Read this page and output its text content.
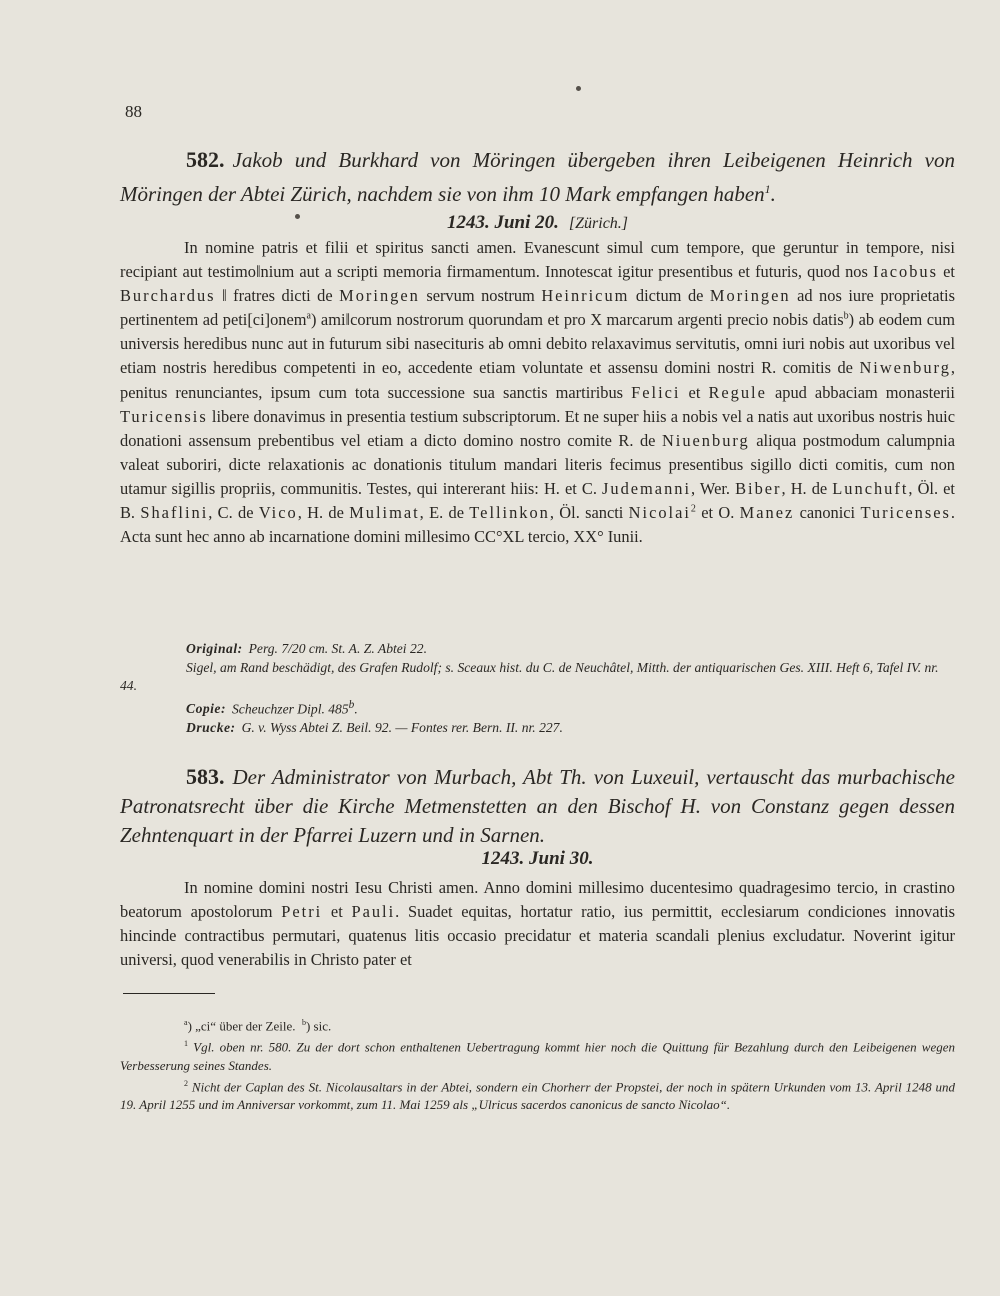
88
582. Jakob und Burkhard von Möringen übergeben ihren Leibeigenen Heinrich von Möringen der Abtei Zürich, nachdem sie von ihm 10 Mark empfangen haben$^1$.
1243. Juni 20. [Zürich.]

In nomine patris et filii et spiritus sancti amen. Evanescunt simul cum tempore, que geruntur in tempore, nisi recipiant aut testimo‖nium aut a scripti memoria firmamentum. Innotescat igitur presentibus et futuris, quod nos Iacobus et Burchardus ‖ fratres dicti de Moringen servum nostrum Heinricum dictum de Moringen ad nos iure proprietatis pertinentem ad peti[ci]onem$^a$) ami‖corum nostrorum quorundam et pro X marcarum argenti precio nobis datis$^b$) ab eodem cum universis heredibus nunc aut in futurum sibi nasecituris ab omni debito relaxavimus servitutis, omni iuri nobis aut uxoribus vel etiam nostris heredibus competenti in eo, accedente etiam voluntate et assensu domini nostri R. comitis de Niwenburg, penitus renunciantes, ipsum cum tota successione sua sanctis martiribus Felici et Regule apud abbaciam monasterii Turicensis libere donavimus in presentia testium subscriptorum. Et ne super hiis a nobis vel a natis aut uxoribus nostris huic donationi assensum prebentibus vel etiam a dicto domino nostro comite R. de Niuenburg aliqua postmodum calumpnia valeat suboriri, dicte relaxationis ac donationis titulum mandari literis fecimus presentibus sigillo dicti comitis, cum non utamur sigillis propriis, communitis. Testes, qui intererant hiis: H. et C. Judemanni, Wer. Biber, H. de Lunchuft, Öl. et B. Shaflini, C. de Vico, H. de Mulimat, E. de Tellinkon, Öl. sancti Nicolai$^2$ et O. Manez canonici Turicenses. Acta sunt hec anno ab incarnatione domini millesimo CC°XL tercio, XX° Iunii.

Original: Perg. 7/20 cm. St. A. Z. Abtei 22.

Sigel, am Rand beschädigt, des Grafen Rudolf; s. Sceaux hist. du C. de Neuchâtel, Mitth. der antiquarischen Ges. XIII. Heft 6, Tafel IV. nr. 44.

Copie: Scheuchzer Dipl. 485$^b$.

Drucke: G. v. Wyss Abtei Z. Beil. 92. — Fontes rer. Bern. II. nr. 227.

583. Der Administrator von Murbach, Abt Th. von Luxeuil, vertauscht das murbachische Patronatsrecht über die Kirche Metmenstetten an den Bischof H. von Constanz gegen dessen Zehntenquart in der Pfarrei Luzern und in Sarnen.
1243. Juni 30.

In nomine domini nostri Iesu Christi amen. Anno domini millesimo ducentesimo quadragesimo tercio, in crastino beatorum apostolorum Petri et Pauli. Suadet equitas, hortatur ratio, ius permittit, ecclesiarum condiciones innovatis hincinde contractibus permutari, quatenus litis occasio precidatur et materia scandali plenius excludatur. Noverint igitur universi, quod venerabilis in Christo pater et

$^a$) „ci“ über der Zeile. $^b$) sic.

$^1$ Vgl. oben nr. 580. Zu der dort schon enthaltenen Uebertragung kommt hier noch die Quittung für Bezahlung durch den Leibeigenen wegen Verbesserung seines Standes.

$^2$ Nicht der Caplan des St. Nicolausaltars in der Abtei, sondern ein Chorherr der Propstei, der noch in spätern Urkunden vom 13. April 1248 und 19. April 1255 und im Anniversar vorkommt, zum 11. Mai 1259 als „Ulricus sacerdos canonicus de sancto Nicolao“.
